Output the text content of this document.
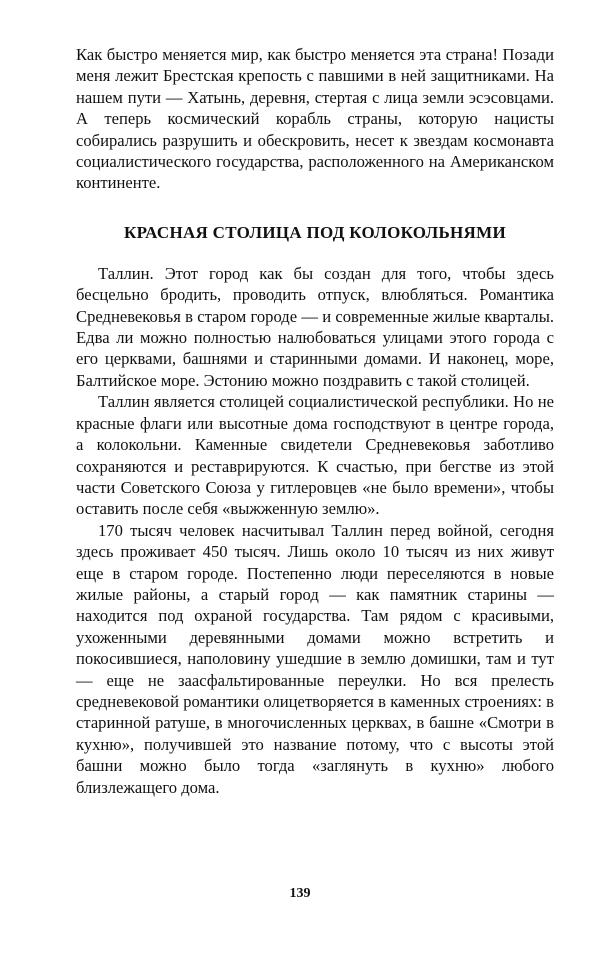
Как быстро меняется мир, как быстро меняется эта страна! Позади меня лежит Брестская крепость с павшими в ней защитниками. На нашем пути — Хатынь, деревня, стертая с лица земли эсэсовцами. А теперь космический корабль страны, которую нацисты собирались разрушить и обескровить, несет к звездам космонавта социалистического государства, расположенного на Американском континенте.

КРАСНАЯ СТОЛИЦА ПОД КОЛОКОЛЬНЯМИ

Таллин. Этот город как бы создан для того, чтобы здесь бесцельно бродить, проводить отпуск, влюбляться. Романтика Средневековья в старом городе — и современные жилые кварталы. Едва ли можно полностью налюбоваться улицами этого города с его церквами, башнями и старинными домами. И наконец, море, Балтийское море. Эстонию можно поздравить с такой столицей.

Таллин является столицей социалистической республики. Но не красные флаги или высотные дома господствуют в центре города, а колокольни. Каменные свидетели Средневековья заботливо сохраняются и реставрируются. К счастью, при бегстве из этой части Советского Союза у гитлеровцев «не было времени», чтобы оставить после себя «выжженную землю».

170 тысяч человек насчитывал Таллин перед войной, сегодня здесь проживает 450 тысяч. Лишь около 10 тысяч из них живут еще в старом городе. Постепенно люди переселяются в новые жилые районы, а старый город — как памятник старины — находится под охраной государства. Там рядом с красивыми, ухоженными деревянными домами можно встретить и покосившиеся, наполовину ушедшие в землю домишки, там и тут — еще не заасфальтированные переулки. Но вся прелесть средневековой романтики олицетворяется в каменных строениях: в старинной ратуше, в многочисленных церквах, в башне «Смотри в кухню», получившей это название потому, что с высоты этой башни можно было тогда «заглянуть в кухню» любого близлежащего дома.

139
